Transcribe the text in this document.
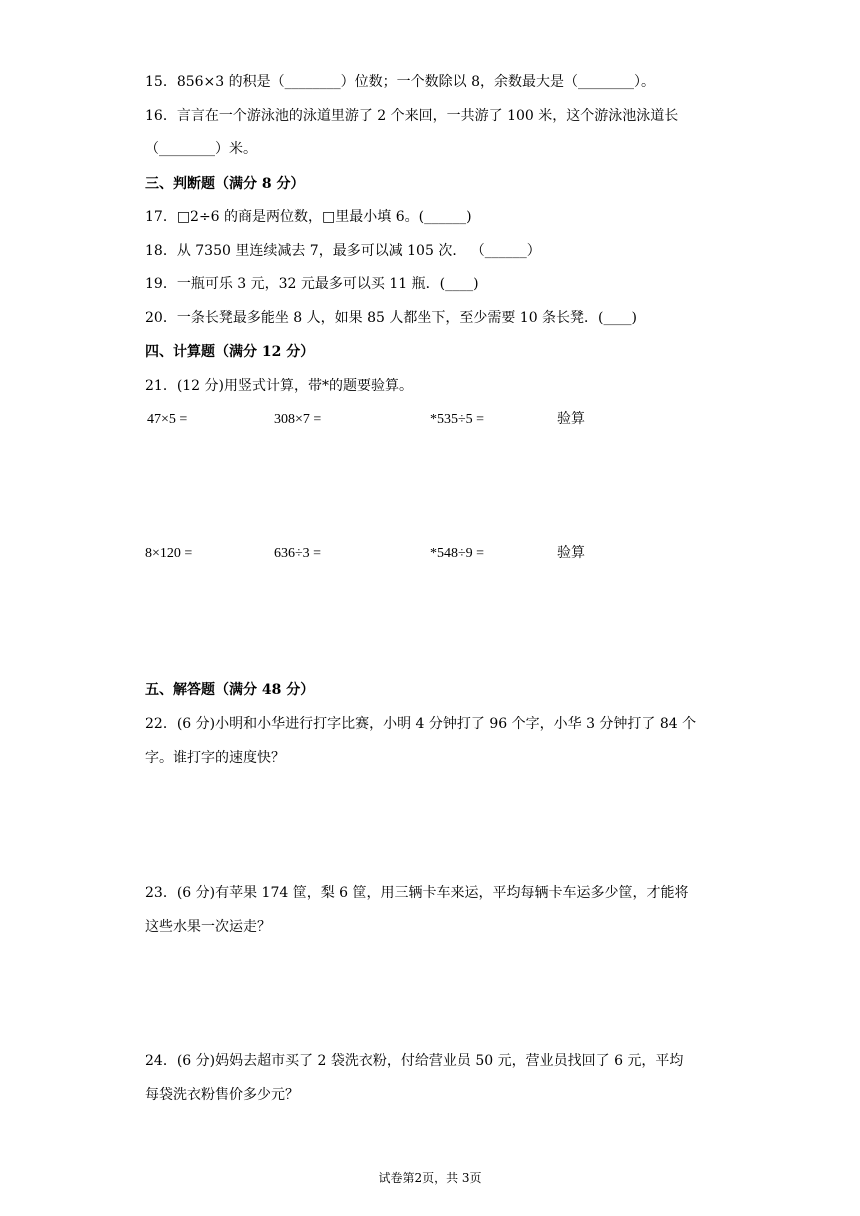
15．856×3 的积是（________）位数；一个数除以 8，余数最大是（________）。
16．言言在一个游泳池的泳道里游了 2 个来回，一共游了 100 米，这个游泳池泳道长
（________）米。
三、判断题（满分 8 分）
17．□2÷6 的商是两位数，□里最小填 6。(______)
18．从 7350 里连续减去 7，最多可以减 105 次． （______）
19．一瓶可乐 3 元，32 元最多可以买 11 瓶．(____)
20．一条长凳最多能坐 8 人，如果 85 人都坐下，至少需要 10 条长凳．(____)
四、计算题（满分 12 分）
21．(12 分)用竖式计算，带*的题要验算。
47×5 =	308×7 =	*535÷5 =	验算
8×120 =	636÷3 =	*548÷9 =	验算
五、解答题（满分 48 分）
22．(6 分)小明和小华进行打字比赛，小明 4 分钟打了 96 个字，小华 3 分钟打了 84 个
字。谁打字的速度快？
23．(6 分)有苹果 174 筐，梨 6 筐，用三辆卡车来运，平均每辆卡车运多少筐，才能将
这些水果一次运走？
24．(6 分)妈妈去超市买了 2 袋洗衣粉，付给营业员 50 元，营业员找回了 6 元，平均
每袋洗衣粉售价多少元？
试卷第2页，共 3页
